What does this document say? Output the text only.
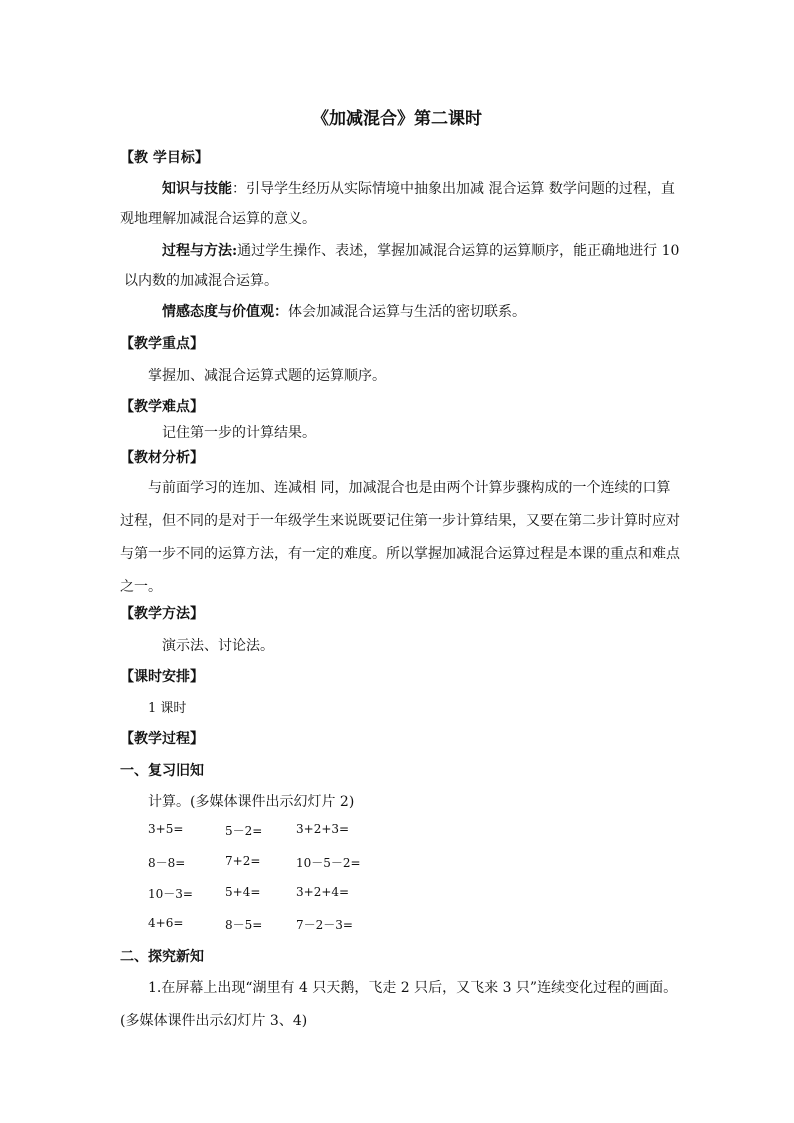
《加减混合》第二课时
【教 学目标】
知识与技能：引导学生经历从实际情境中抽象出加减 混合运算 数学问题的过程，直
观地理解加减混合运算的意义。
过程与方法:通过学生操作、表述，掌握加减混合运算的运算顺序，能正确地进行 10
以内数的加减混合运算。
情感态度与价值观：体会加减混合运算与生活的密切联系。
【教学重点】
掌握加、减混合运算式题的运算顺序。
【教学难点】
记住第一步的计算结果。
【教材分析】
与前面学习的连加、连减相 同，加减混合也是由两个计算步骤构成的一个连续的口算
过程，但不同的是对于一年级学生来说既要记住第一步计算结果，又要在第二步计算时应对
与第一步不同的运算方法，有一定的难度。所以掌握加减混合运算过程是本课的重点和难点
之一。
【教学方法】
演示法、讨论法。
【课时安排】
1 课时
【教学过程】
一、复习旧知
计算。(多媒体课件出示幻灯片 2)
3+5=	5－2=	3+2+3=
8－8=	7+2=	10－5－2=
10－3=	5+4=	3+2+4=
4+6=	8－5=	7－2－3=
二、探究新知
1.在屏幕上出现“湖里有 4 只天鹅，飞走 2 只后，又飞来 3 只”连续变化过程的画面。
(多媒体课件出示幻灯片 3、4)
